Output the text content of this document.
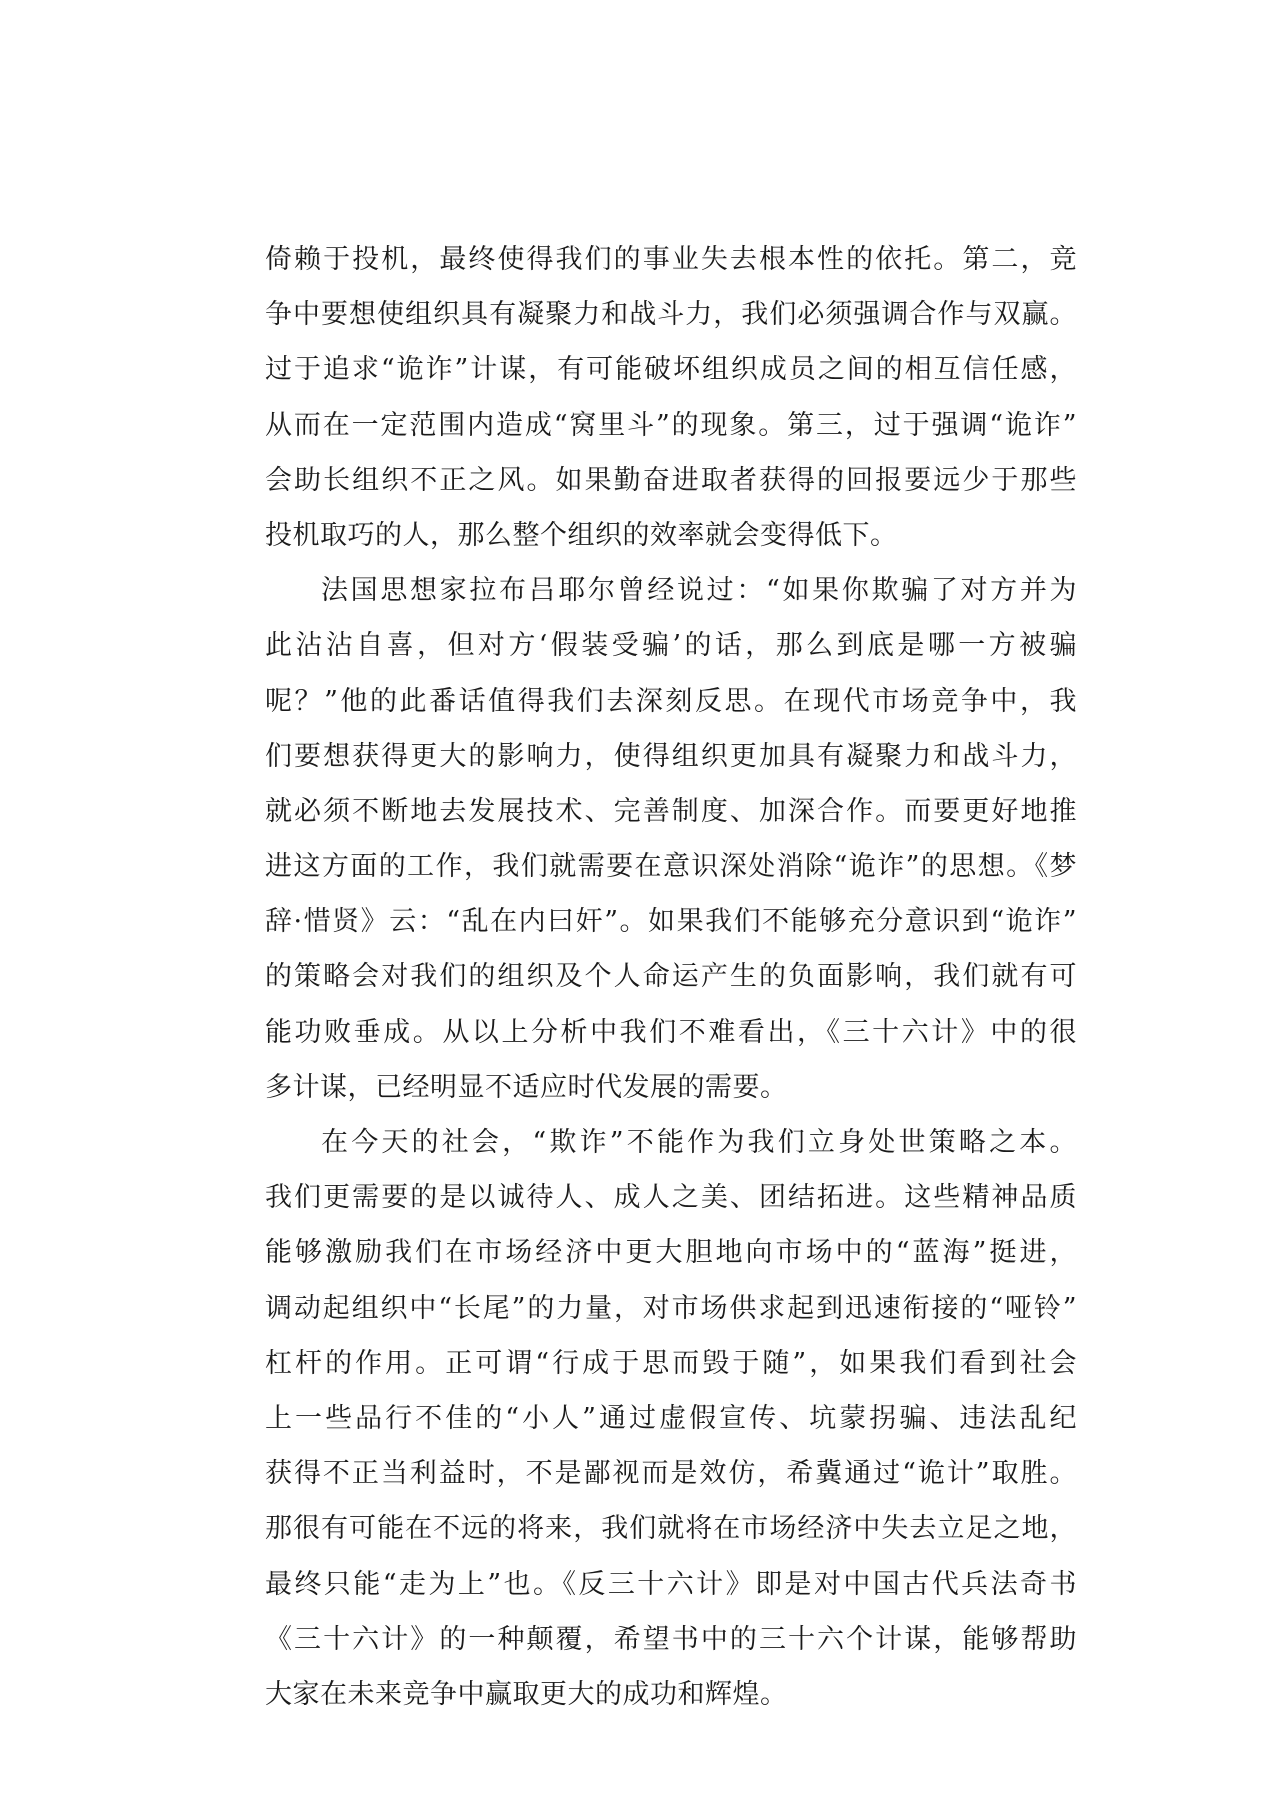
倚赖于投机，最终使得我们的事业失去根本性的依托。第二，竞
争中要想使组织具有凝聚力和战斗力，我们必须强调合作与双赢。
过于追求“诡诈”计谋，有可能破坏组织成员之间的相互信任感，
从而在一定范围内造成“窝里斗”的现象。第三，过于强调“诡诈”
会助长组织不正之风。如果勤奋进取者获得的回报要远少于那些
投机取巧的人，那么整个组织的效率就会变得低下。
法国思想家拉布吕耶尔曾经说过：“如果你欺骗了对方并为
此沾沾自喜，但对方‘假装受骗’的话，那么到底是哪一方被骗
呢？”他的此番话值得我们去深刻反思。在现代市场竞争中，我
们要想获得更大的影响力，使得组织更加具有凝聚力和战斗力，
就必须不断地去发展技术、完善制度、加深合作。而要更好地推
进这方面的工作，我们就需要在意识深处消除“诡诈”的思想。《梦
辞·惜贤》云：“乱在内曰奸”。如果我们不能够充分意识到“诡诈”
的策略会对我们的组织及个人命运产生的负面影响，我们就有可
能功败垂成。从以上分析中我们不难看出，《三十六计》中的很
多计谋，已经明显不适应时代发展的需要。
在今天的社会，“欺诈”不能作为我们立身处世策略之本。
我们更需要的是以诚待人、成人之美、团结拓进。这些精神品质
能够激励我们在市场经济中更大胆地向市场中的“蓝海”挺进，
调动起组织中“长尾”的力量，对市场供求起到迅速衔接的“哑铃”
杠杆的作用。正可谓“行成于思而毁于随”，如果我们看到社会
上一些品行不佳的“小人”通过虚假宣传、坑蒙拐骗、违法乱纪
获得不正当利益时，不是鄙视而是效仿，希冀通过“诡计”取胜。
那很有可能在不远的将来，我们就将在市场经济中失去立足之地，
最终只能“走为上”也。《反三十六计》即是对中国古代兵法奇书
《三十六计》的一种颠覆，希望书中的三十六个计谋，能够帮助
大家在未来竞争中赢取更大的成功和辉煌。
